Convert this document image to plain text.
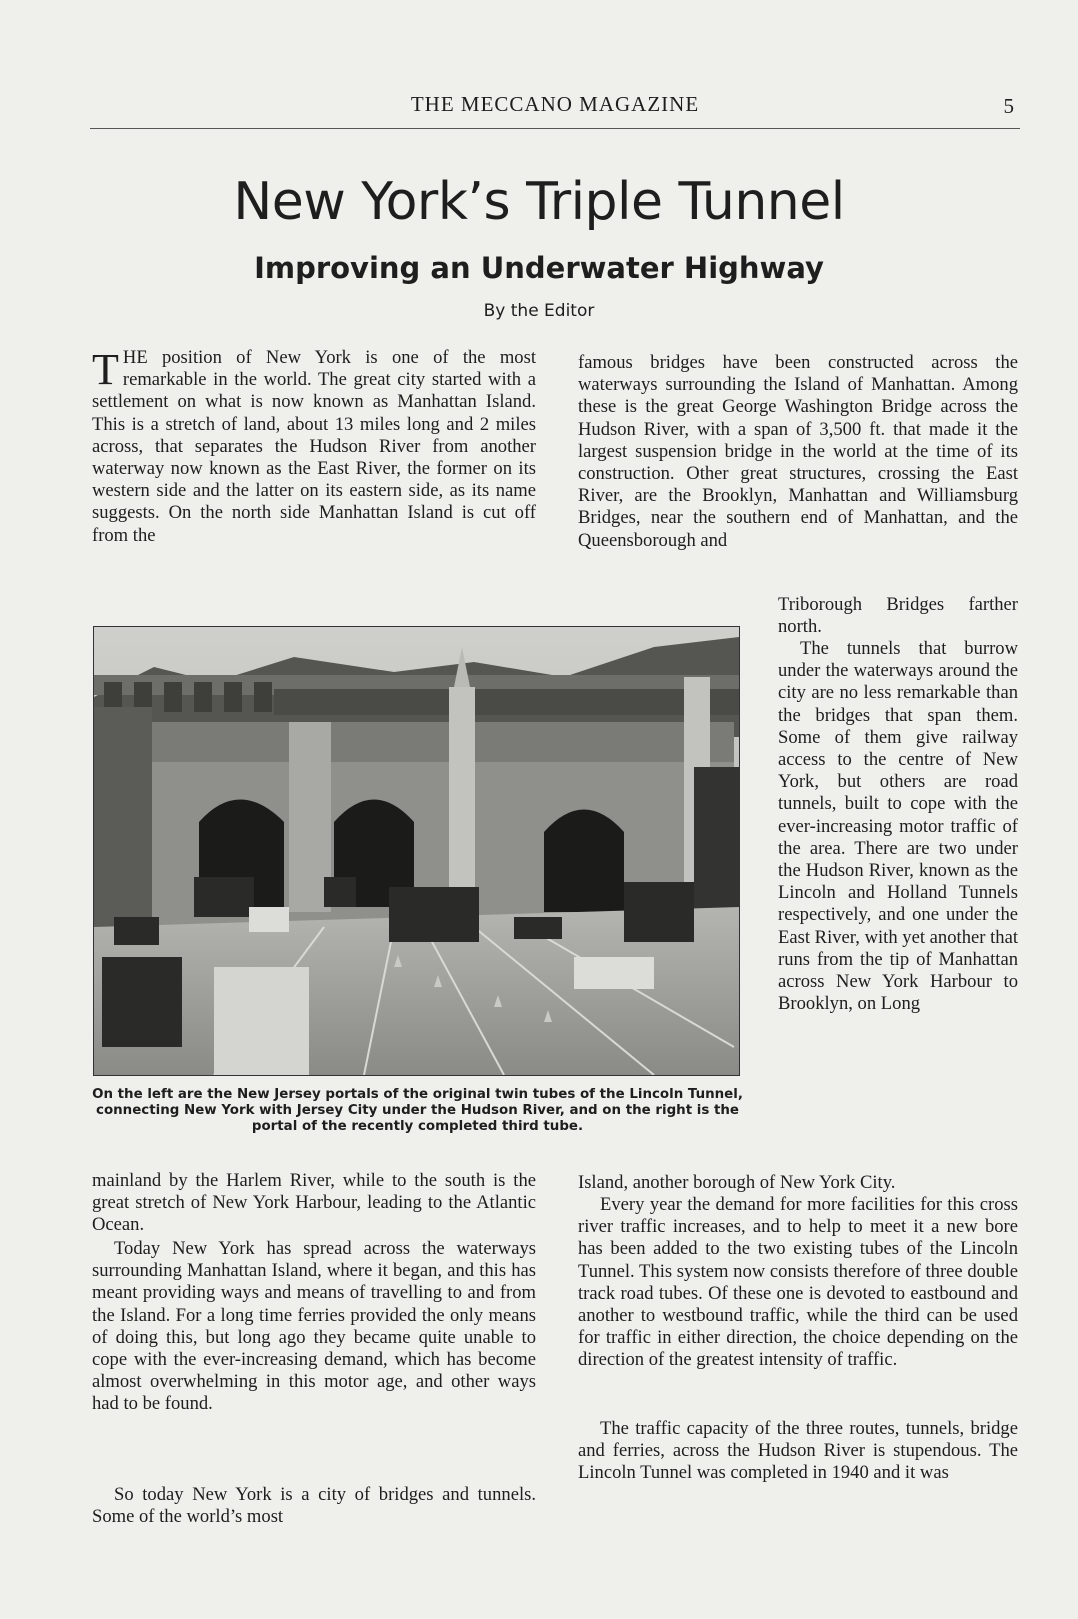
THE MECCANO MAGAZINE	5
New York’s Triple Tunnel
Improving an Underwater Highway
By the Editor
T HE position of New York is one of the most remarkable in the world. The great city started with a settlement on what is now known as Manhattan Island. This is a stretch of land, about 13 miles long and 2 miles across, that separates the Hudson River from another waterway now known as the East River, the former on its western side and the latter on its eastern side, as its name suggests. On the north side Manhattan Island is cut off from the

famous bridges have been constructed across the waterways surrounding the Island of Manhattan. Among these is the great George Washington Bridge across the Hudson River, with a span of 3,500 ft. that made it the largest suspension bridge in the world at the time of its construction. Other great structures, crossing the East River, are the Brooklyn, Manhattan and Williamsburg Bridges, near the southern end of Manhattan, and the Queensborough and

Triborough Bridges farther north.

The tunnels that burrow under the waterways around the city are no less remarkable than the bridges that span them. Some of them give railway access to the centre of New York, but others are road tunnels, built to cope with the ever-increasing motor traffic of the area. There are two under the Hudson River, known as the Lincoln and Holland Tunnels respectively, and one under the East River, with yet another that runs from the tip of Manhattan across New York Harbour to Brooklyn, on Long

On the left are the New Jersey portals of the original twin tubes of the Lincoln Tunnel, connecting New York with Jersey City under the Hudson River, and on the right is the portal of the recently completed third tube.

Island, another borough of New York City.

Every year the demand for more facilities for this cross river traffic increases, and to help to meet it a new bore has been added to the two existing tubes of the Lincoln Tunnel. This system now consists therefore of three double track road tubes. Of these one is devoted to eastbound and another to westbound traffic, while the third can be used for traffic in either direction, the choice depending on the direction of the greatest intensity of traffic.

The traffic capacity of the three routes, tunnels, bridge and ferries, across the Hudson River is stupendous. The Lincoln Tunnel was completed in 1940 and it was

mainland by the Harlem River, while to the south is the great stretch of New York Harbour, leading to the Atlantic Ocean.

Today New York has spread across the waterways surrounding Manhattan Island, where it began, and this has meant providing ways and means of travelling to and from the Island. For a long time ferries provided the only means of doing this, but long ago they became quite unable to cope with the ever-increasing demand, which has become almost overwhelming in this motor age, and other ways had to be found.

So today New York is a city of bridges and tunnels. Some of the world’s most
